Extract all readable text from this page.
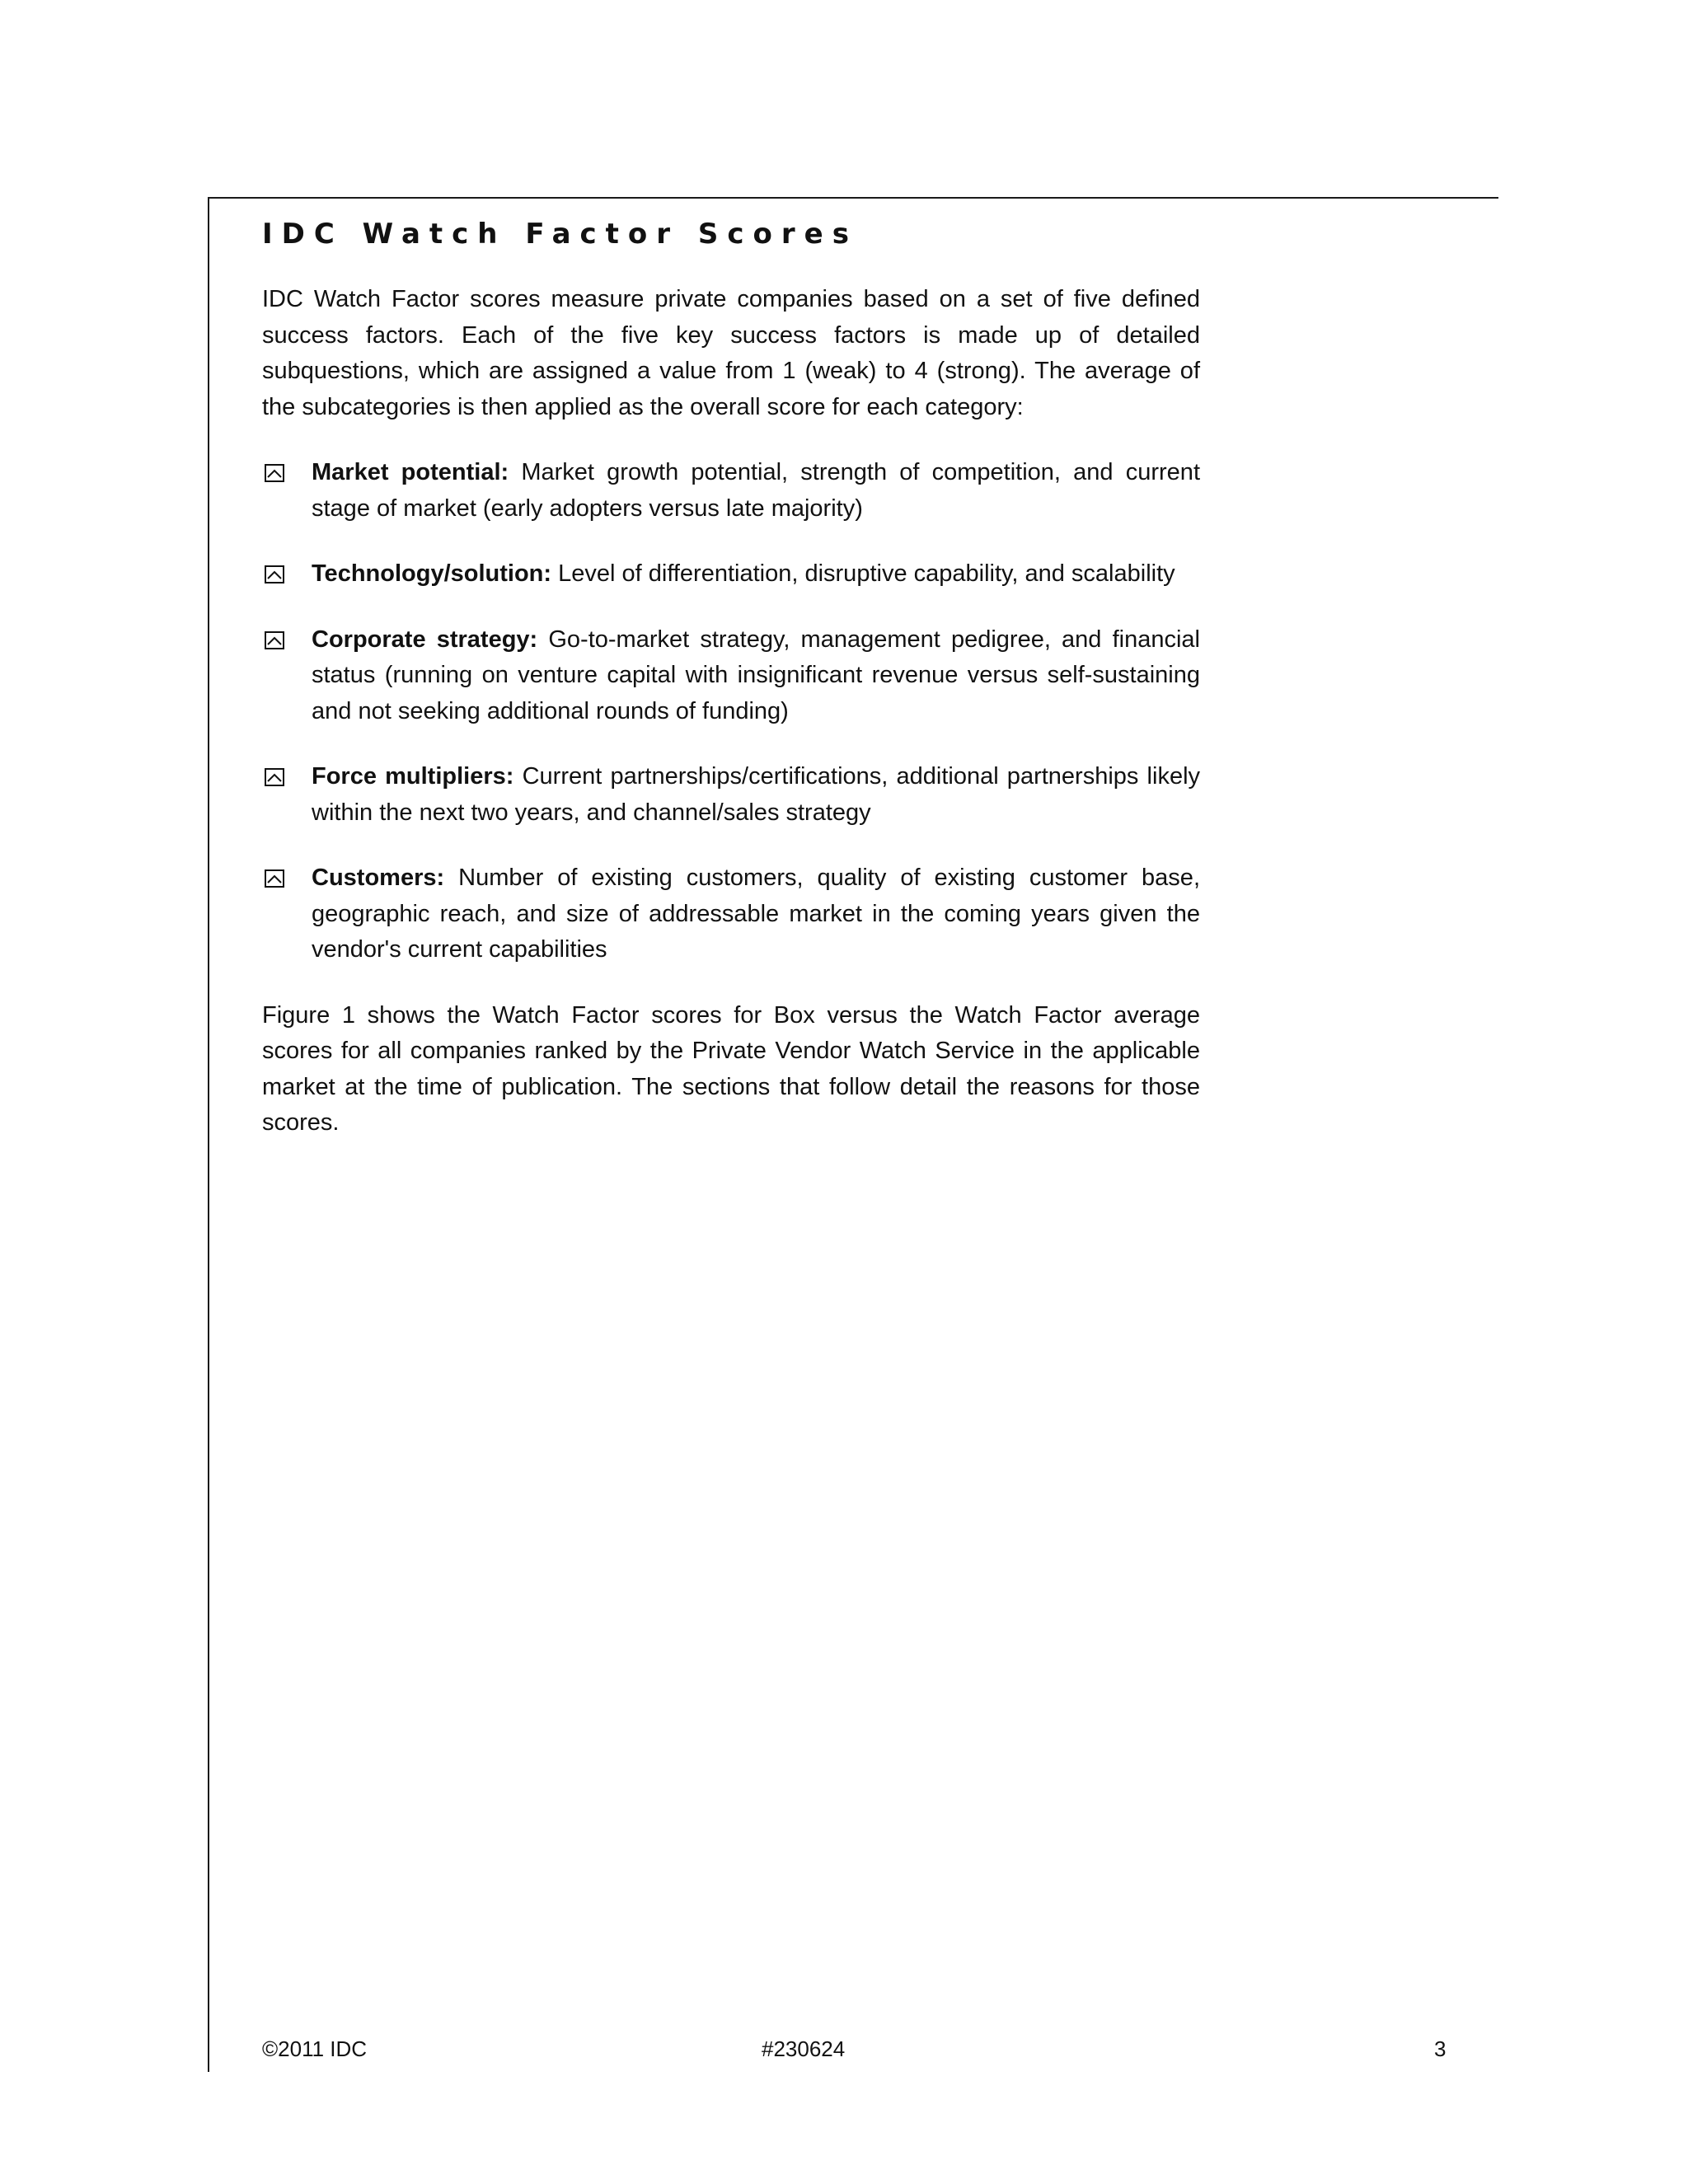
IDC Watch Factor Scores

IDC Watch Factor scores measure private companies based on a set of five defined success factors. Each of the five key success factors is made up of detailed subquestions, which are assigned a value from 1 (weak) to 4 (strong). The average of the subcategories is then applied as the overall score for each category:

Market potential: Market growth potential, strength of competition, and current stage of market (early adopters versus late majority)
Technology/solution: Level of differentiation, disruptive capability, and scalability
Corporate strategy: Go-to-market strategy, management pedigree, and financial status (running on venture capital with insignificant revenue versus self-sustaining and not seeking additional rounds of funding)
Force multipliers: Current partnerships/certifications, additional partnerships likely within the next two years, and channel/sales strategy
Customers: Number of existing customers, quality of existing customer base, geographic reach, and size of addressable market in the coming years given the vendor's current capabilities

Figure 1 shows the Watch Factor scores for Box versus the Watch Factor average scores for all companies ranked by the Private Vendor Watch Service in the applicable market at the time of publication. The sections that follow detail the reasons for those scores.

©2011 IDC	#230624	3
